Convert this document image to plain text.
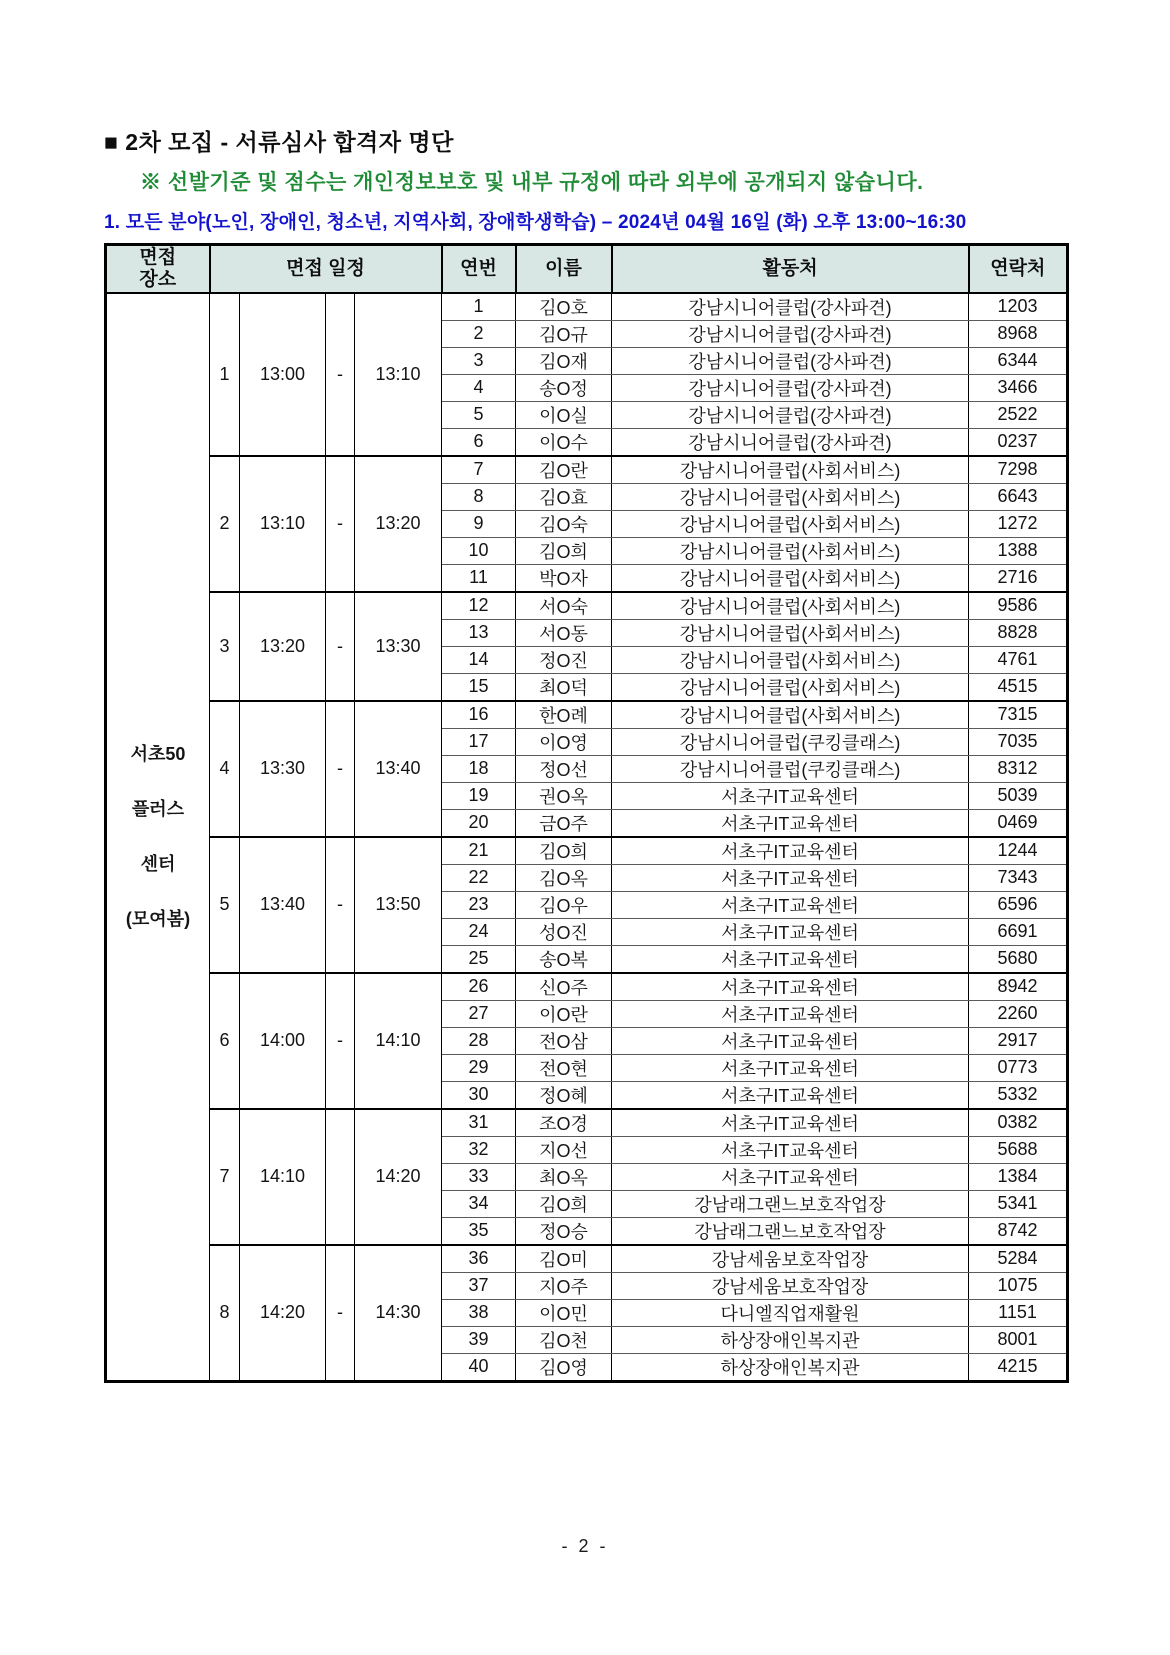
■ 2차 모집 - 서류심사 합격자 명단
※ 선발기준 및 점수는 개인정보보호 및 내부 규정에 따라 외부에 공개되지 않습니다.
1. 모든 분야(노인, 장애인, 청소년, 지역사회, 장애학생학습) – 2024년 04월 16일 (화) 오후 13:00~16:30
면접
장소	면접 일정				연번	이름	활동처	연락처

서초50
플러스
센터
(모여봄)	1	13:00	-	13:10	1	김O호	강남시니어클럽(강사파견)	1203
					2	김O규	강남시니어클럽(강사파견)	8968
					3	김O재	강남시니어클럽(강사파견)	6344
					4	송O정	강남시니어클럽(강사파견)	3466
					5	이O실	강남시니어클럽(강사파견)	2522
					6	이O수	강남시니어클럽(강사파견)	0237
	2	13:10	-	13:20	7	김O란	강남시니어클럽(사회서비스)	7298
					8	김O효	강남시니어클럽(사회서비스)	6643
					9	김O숙	강남시니어클럽(사회서비스)	1272
					10	김O희	강남시니어클럽(사회서비스)	1388
					11	박O자	강남시니어클럽(사회서비스)	2716
	3	13:20	-	13:30	12	서O숙	강남시니어클럽(사회서비스)	9586
					13	서O동	강남시니어클럽(사회서비스)	8828
					14	정O진	강남시니어클럽(사회서비스)	4761
					15	최O덕	강남시니어클럽(사회서비스)	4515
	4	13:30	-	13:40	16	한O례	강남시니어클럽(사회서비스)	7315
					17	이O영	강남시니어클럽(쿠킹클래스)	7035
					18	정O선	강남시니어클럽(쿠킹클래스)	8312
					19	권O옥	서초구IT교육센터	5039
					20	금O주	서초구IT교육센터	0469
	5	13:40	-	13:50	21	김O희	서초구IT교육센터	1244
					22	김O옥	서초구IT교육센터	7343
					23	김O우	서초구IT교육센터	6596
					24	성O진	서초구IT교육센터	6691
					25	송O복	서초구IT교육센터	5680
	6	14:00	-	14:10	26	신O주	서초구IT교육센터	8942
					27	이O란	서초구IT교육센터	2260
					28	전O삼	서초구IT교육센터	2917
					29	전O현	서초구IT교육센터	0773
					30	정O혜	서초구IT교육센터	5332
	7	14:10		14:20	31	조O경	서초구IT교육센터	0382
					32	지O선	서초구IT교육센터	5688
					33	최O옥	서초구IT교육센터	1384
					34	김O희	강남래그랜느보호작업장	5341
					35	정O승	강남래그랜느보호작업장	8742
	8	14:20	-	14:30	36	김O미	강남세움보호작업장	5284
					37	지O주	강남세움보호작업장	1075
					38	이O민	다니엘직업재활원	1151
					39	김O천	하상장애인복지관	8001
					40	김O영	하상장애인복지관	4215
- 2 -
